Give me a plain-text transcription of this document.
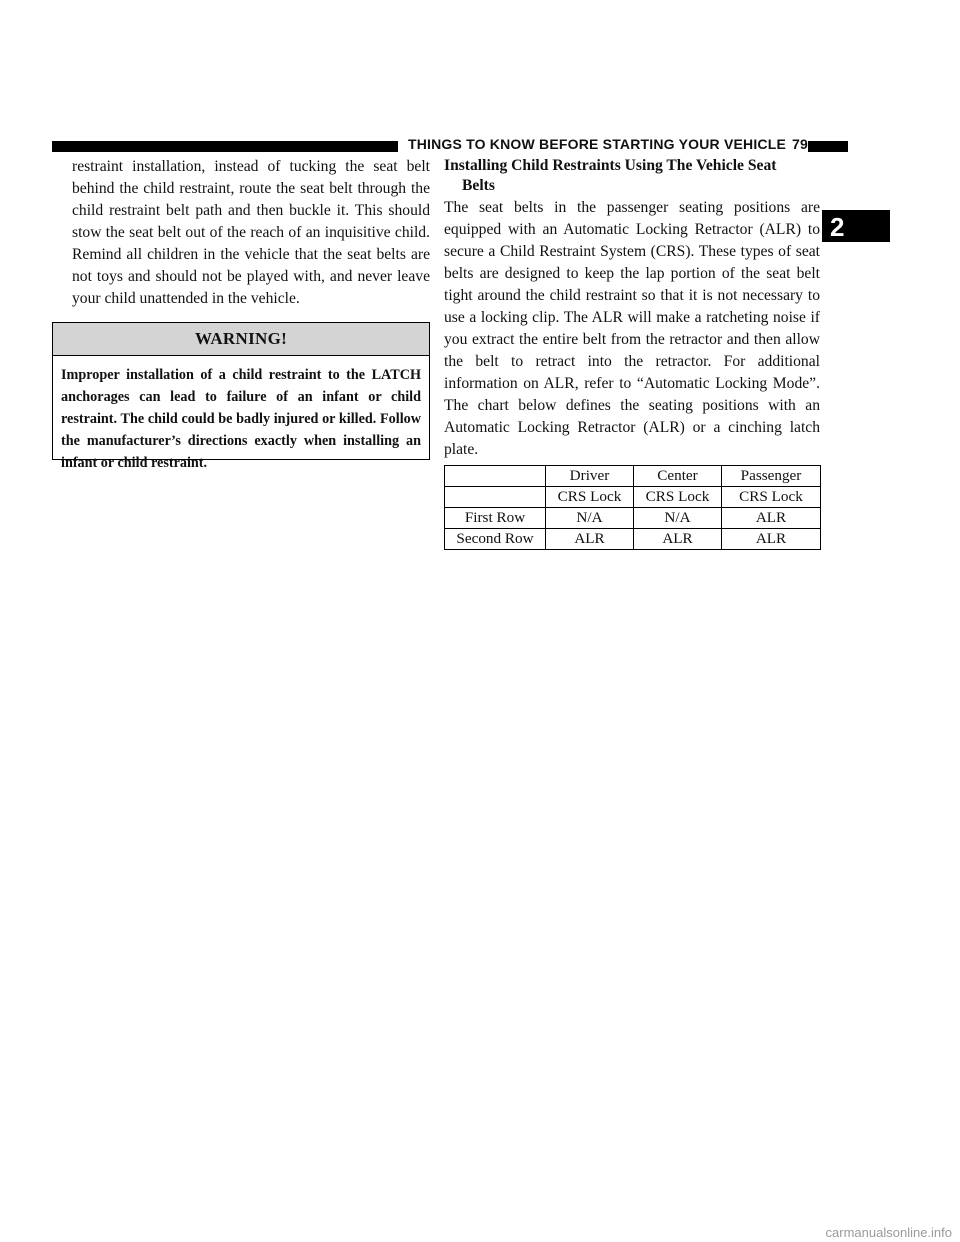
THINGS TO KNOW BEFORE STARTING YOUR VEHICLE 79
2

restraint installation, instead of tucking the seat belt behind the child restraint, route the seat belt through the child restraint belt path and then buckle it. This should stow the seat belt out of the reach of an inquisitive child. Remind all children in the vehicle that the seat belts are not toys and should not be played with, and never leave your child unattended in the vehicle.

WARNING!

Improper installation of a child restraint to the LATCH anchorages can lead to failure of an infant or child restraint. The child could be badly injured or killed. Follow the manufacturer’s directions exactly when installing an infant or child restraint.

Installing Child Restraints Using The Vehicle Seat
Belts

The seat belts in the passenger seating positions are equipped with an Automatic Locking Retractor (ALR) to secure a Child Restraint System (CRS). These types of seat belts are designed to keep the lap portion of the seat belt tight around the child restraint so that it is not necessary to use a locking clip. The ALR will make a ratcheting noise if you extract the entire belt from the retractor and then allow the belt to retract into the retractor. For additional information on ALR, refer to “Automatic Locking Mode”. The chart below defines the seating positions with an Automatic Locking Retractor (ALR) or a cinching latch plate.

	Driver	Center	Passenger
	CRS Lock	CRS Lock	CRS Lock
First Row	N/A	N/A	ALR
Second Row	ALR	ALR	ALR
carmanualsonline.info
